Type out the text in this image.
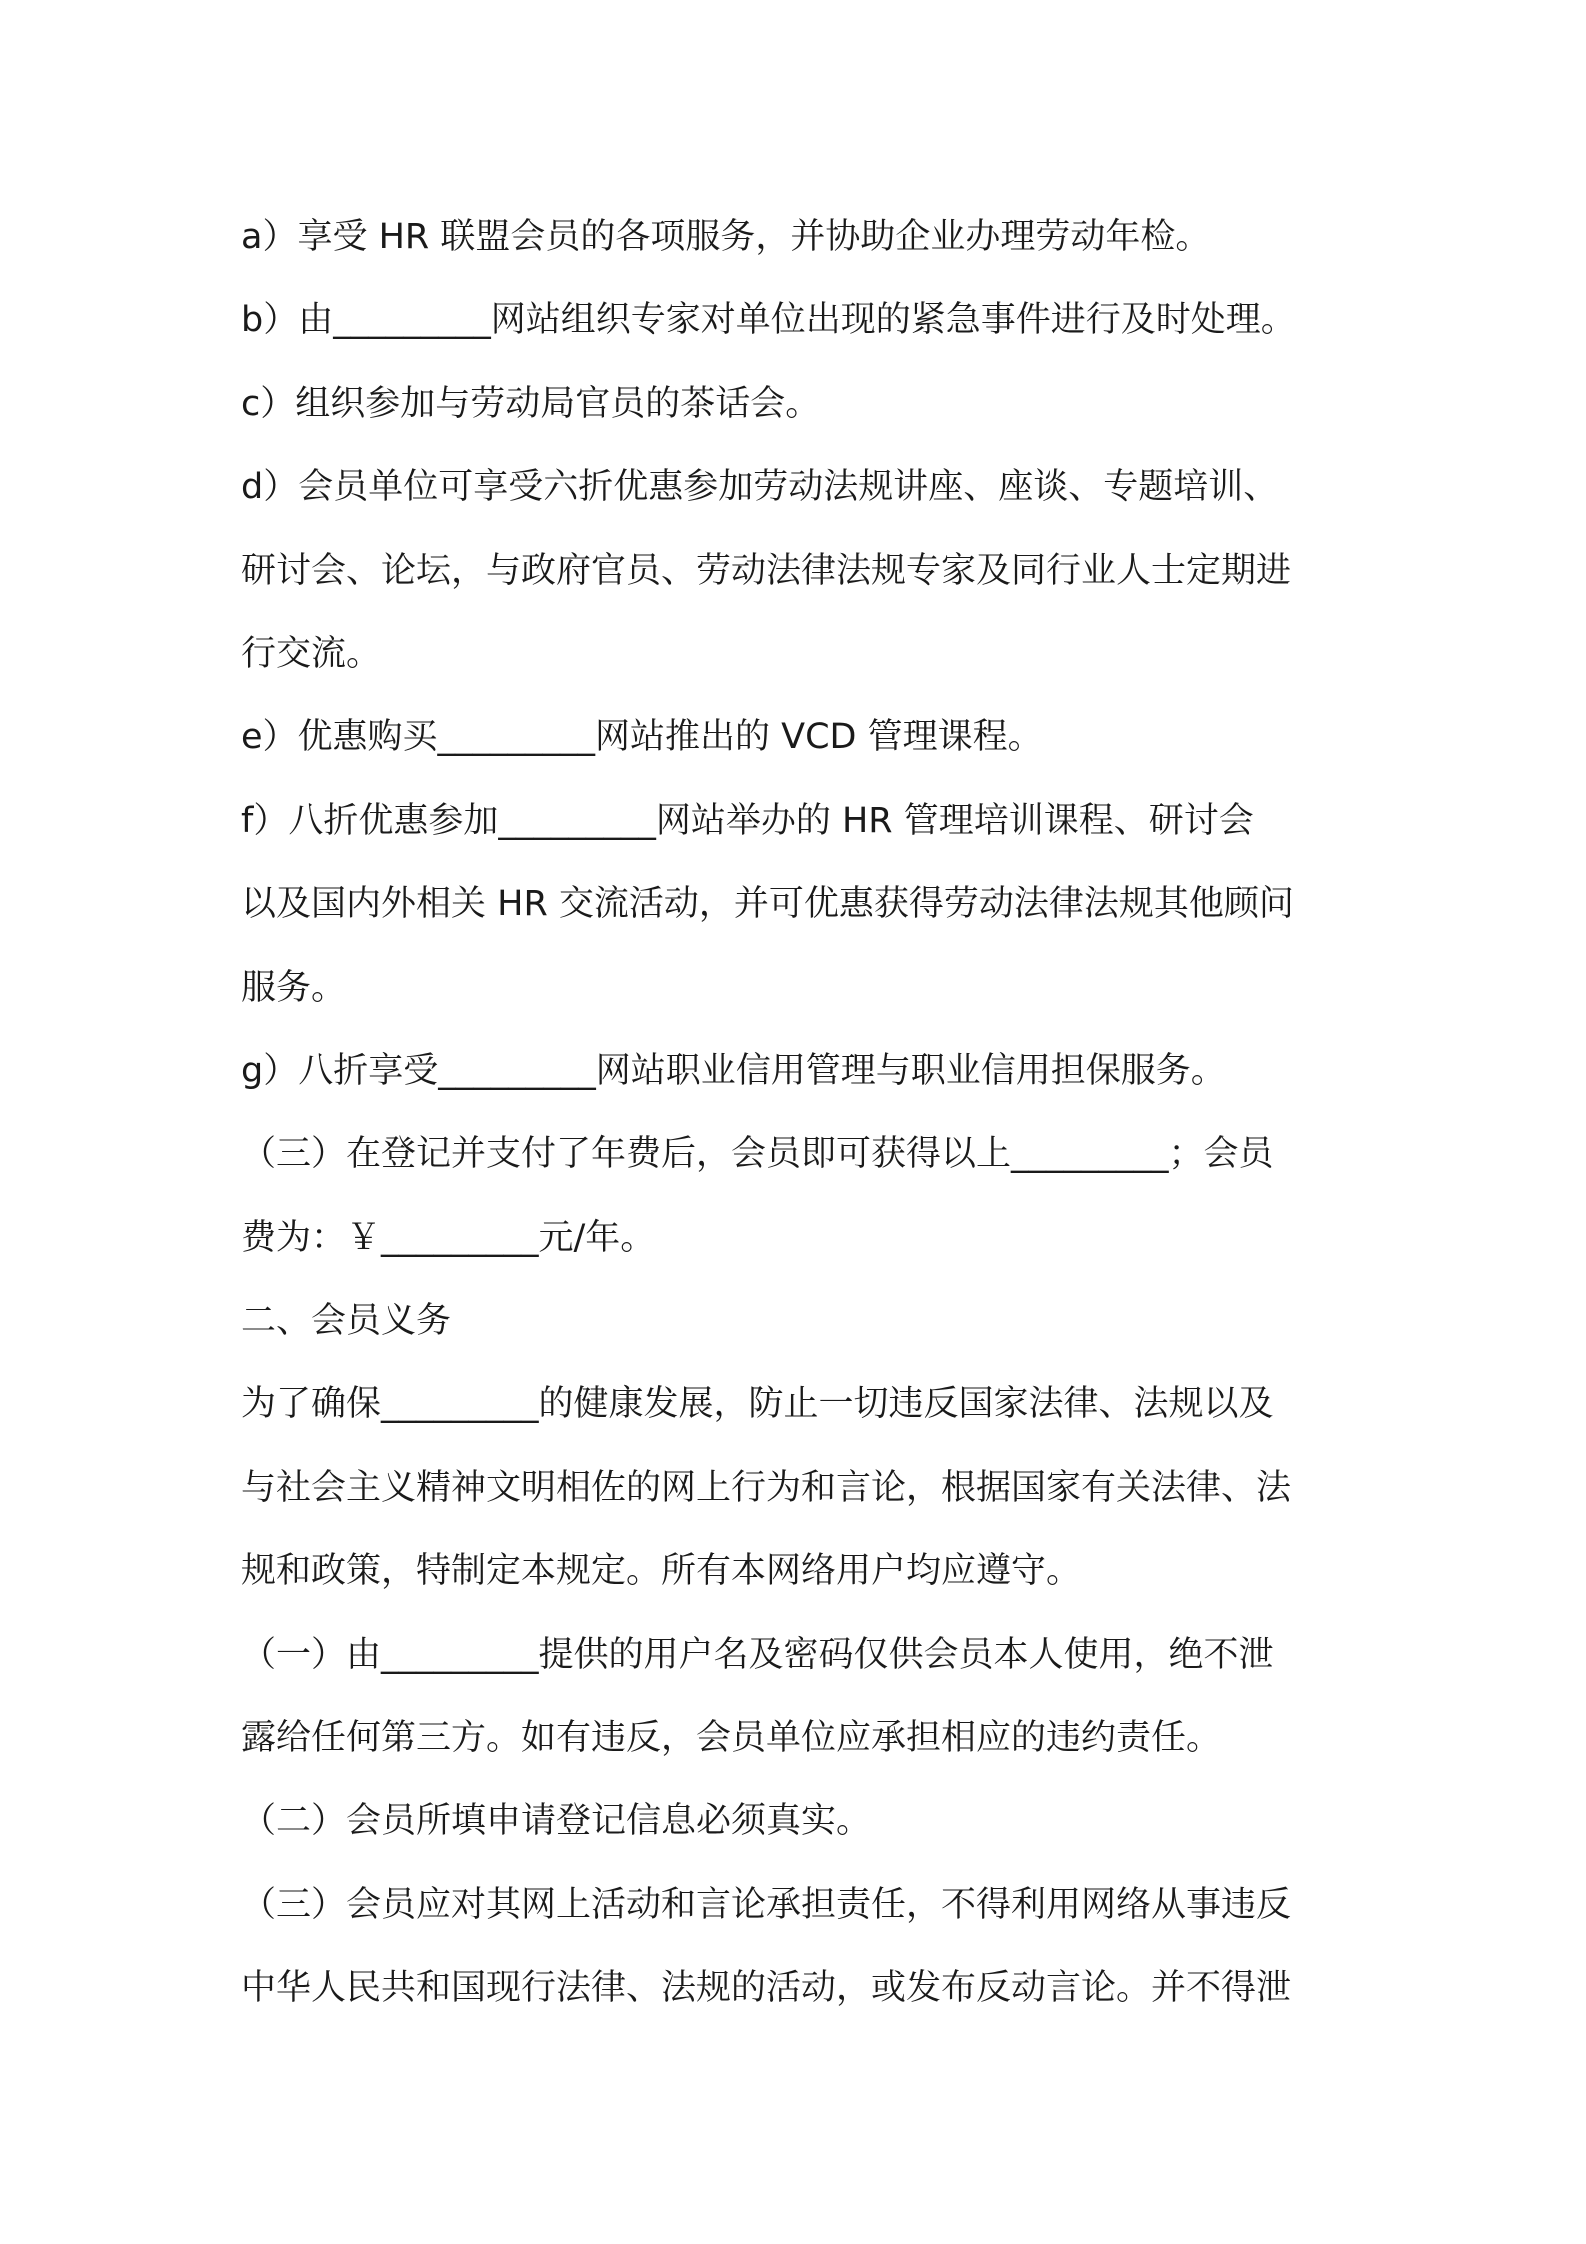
a）享受 HR 联盟会员的各项服务，并协助企业办理劳动年检。
b）由_________网站组织专家对单位出现的紧急事件进行及时处理。
c）组织参加与劳动局官员的茶话会。
d）会员单位可享受六折优惠参加劳动法规讲座、座谈、专题培训、
研讨会、论坛，与政府官员、劳动法律法规专家及同行业人士定期进
行交流。
e）优惠购买_________网站推出的 VCD 管理课程。
f）八折优惠参加_________网站举办的 HR 管理培训课程、研讨会
以及国内外相关 HR 交流活动，并可优惠获得劳动法律法规其他顾问
服务。
g）八折享受_________网站职业信用管理与职业信用担保服务。
（三）在登记并支付了年费后，会员即可获得以上_________；会员
费为：￥_________元/年。
二、会员义务
为了确保_________的健康发展，防止一切违反国家法律、法规以及
与社会主义精神文明相佐的网上行为和言论，根据国家有关法律、法
规和政策，特制定本规定。所有本网络用户均应遵守。
（一）由_________提供的用户名及密码仅供会员本人使用，绝不泄
露给任何第三方。如有违反，会员单位应承担相应的违约责任。
（二）会员所填申请登记信息必须真实。
（三）会员应对其网上活动和言论承担责任，不得利用网络从事违反
中华人民共和国现行法律、法规的活动，或发布反动言论。并不得泄
